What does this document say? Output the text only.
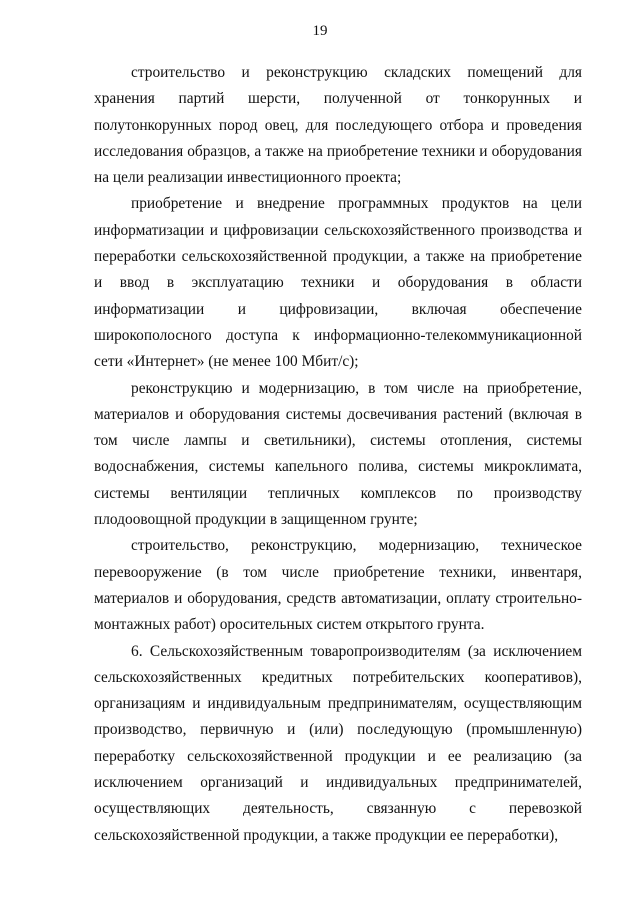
19

строительство и реконструкцию складских помещений для хранения партий шерсти, полученной от тонкорунных и полутонкорунных пород овец, для последующего отбора и проведения исследования образцов, а также на приобретение техники и оборудования на цели реализации инвестиционного проекта;

приобретение и внедрение программных продуктов на цели информатизации и цифровизации сельскохозяйственного производства и переработки сельскохозяйственной продукции, а также на приобретение и ввод в эксплуатацию техники и оборудования в области информатизации и цифровизации, включая обеспечение широкополосного доступа к информационно-телекоммуникационной сети «Интернет» (не менее 100 Мбит/с);

реконструкцию и модернизацию, в том числе на приобретение, материалов и оборудования системы досвечивания растений (включая в том числе лампы и светильники), системы отопления, системы водоснабжения, системы капельного полива, системы микроклимата, системы вентиляции тепличных комплексов по производству плодоовощной продукции в защищенном грунте;

строительство, реконструкцию, модернизацию, техническое перевооружение (в том числе приобретение техники, инвентаря, материалов и оборудования, средств автоматизации, оплату строительно-монтажных работ) оросительных систем открытого грунта.

6. Сельскохозяйственным товаропроизводителям (за исключением сельскохозяйственных кредитных потребительских кооперативов), организациям и индивидуальным предпринимателям, осуществляющим производство, первичную и (или) последующую (промышленную) переработку сельскохозяйственной продукции и ее реализацию (за исключением организаций и индивидуальных предпринимателей, осуществляющих деятельность, связанную с перевозкой сельскохозяйственной продукции, а также продукции ее переработки),
